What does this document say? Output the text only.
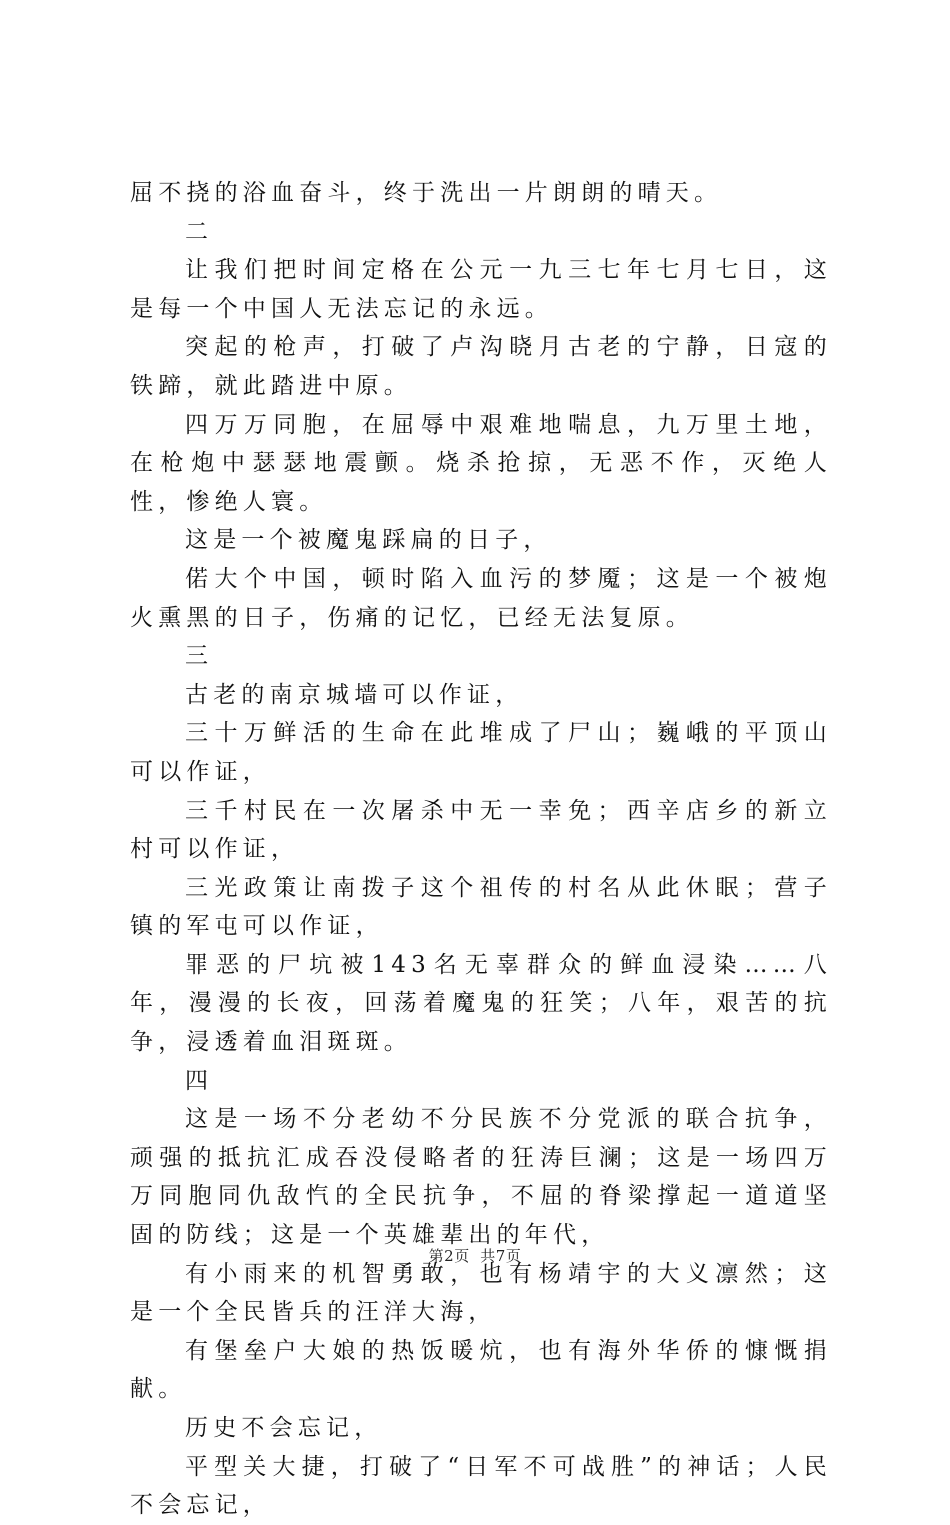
屈不挠的浴血奋斗，终于洗出一片朗朗的晴天。

二

让我们把时间定格在公元一九三七年七月七日，这是每一个中国人无法忘记的永远。

突起的枪声，打破了卢沟晓月古老的宁静，日寇的铁蹄，就此踏进中原。

四万万同胞，在屈辱中艰难地喘息，九万里土地，在枪炮中瑟瑟地震颤。烧杀抢掠，无恶不作，灭绝人性，惨绝人寰。

这是一个被魔鬼踩扁的日子，

偌大个中国，顿时陷入血污的梦魇；这是一个被炮火熏黑的日子，伤痛的记忆，已经无法复原。

三

古老的南京城墙可以作证，

三十万鲜活的生命在此堆成了尸山；巍峨的平顶山可以作证，

三千村民在一次屠杀中无一幸免；西辛店乡的新立村可以作证，

三光政策让南拨子这个祖传的村名从此休眠；营子镇的军屯可以作证，

罪恶的尸坑被143名无辜群众的鲜血浸染……八年，漫漫的长夜，回荡着魔鬼的狂笑；八年，艰苦的抗争，浸透着血泪斑斑。

四

这是一场不分老幼不分民族不分党派的联合抗争，顽强的抵抗汇成吞没侵略者的狂涛巨澜；这是一场四万万同胞同仇敌忾的全民抗争，不屈的脊梁撑起一道道坚固的防线；这是一个英雄辈出的年代，

有小雨来的机智勇敢，也有杨靖宇的大义凛然；这是一个全民皆兵的汪洋大海，

有堡垒户大娘的热饭暖炕，也有海外华侨的慷慨捐献。

历史不会忘记，

平型关大捷，打破了“日军不可战胜”的神话；人民不会忘记，

第2页 共7页
